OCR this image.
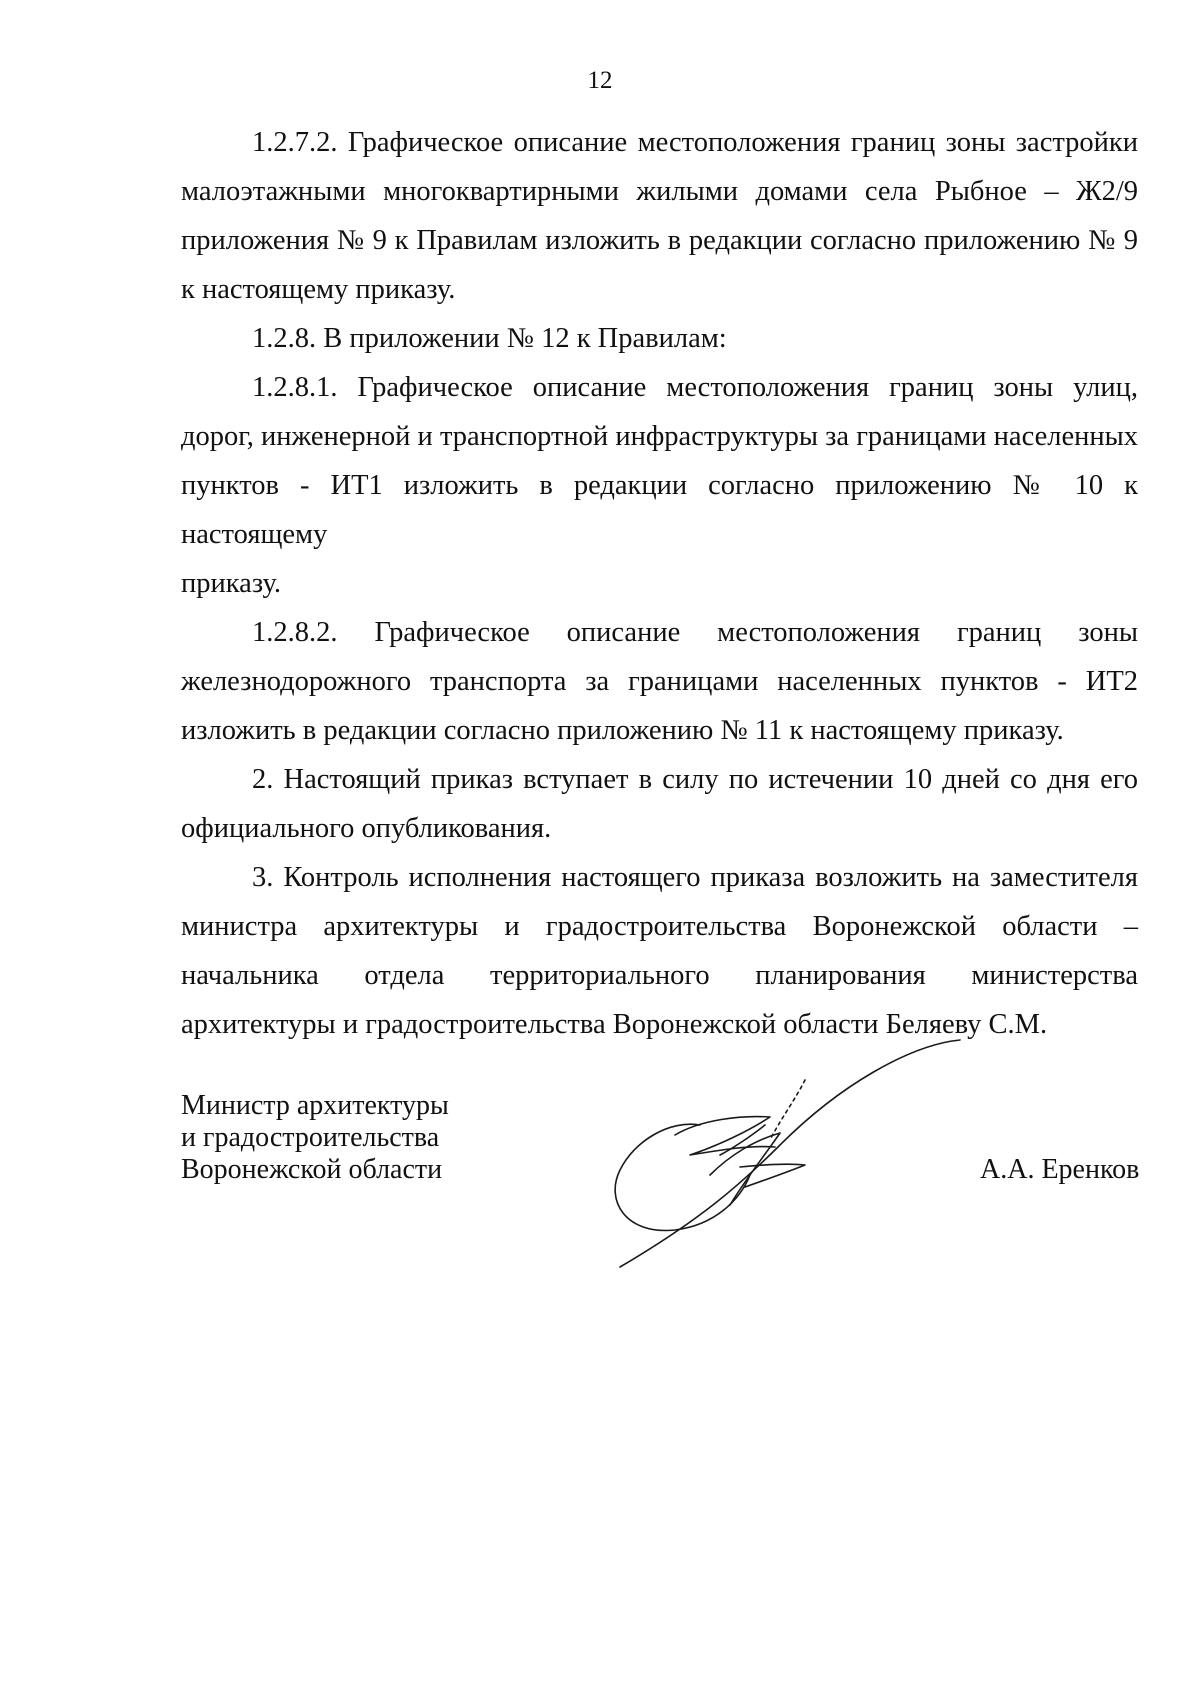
12

1.2.7.2. Графическое описание местоположения границ зоны застройки
малоэтажными многоквартирными жилыми домами села Рыбное – Ж2/9
приложения № 9 к Правилам изложить в редакции согласно приложению № 9
к настоящему приказу.

1.2.8. В приложении № 12 к Правилам:

1.2.8.1. Графическое описание местоположения границ зоны улиц,
дорог, инженерной и транспортной инфраструктуры за границами населенных
пунктов - ИТ1 изложить в редакции согласно приложению № 10 к настоящему
приказу.

1.2.8.2. Графическое описание местоположения границ зоны
железнодорожного транспорта за границами населенных пунктов - ИТ2
изложить в редакции согласно приложению № 11 к настоящему приказу.

2. Настоящий приказ вступает в силу по истечении 10 дней со дня его
официального опубликования.

3. Контроль исполнения настоящего приказа возложить на заместителя
министра архитектуры и градостроительства Воронежской области –
начальника отдела территориального планирования министерства
архитектуры и градостроительства Воронежской области Беляеву С.М.

Министр архитектуры
и градостроительства
Воронежской области	А.А. Еренков
